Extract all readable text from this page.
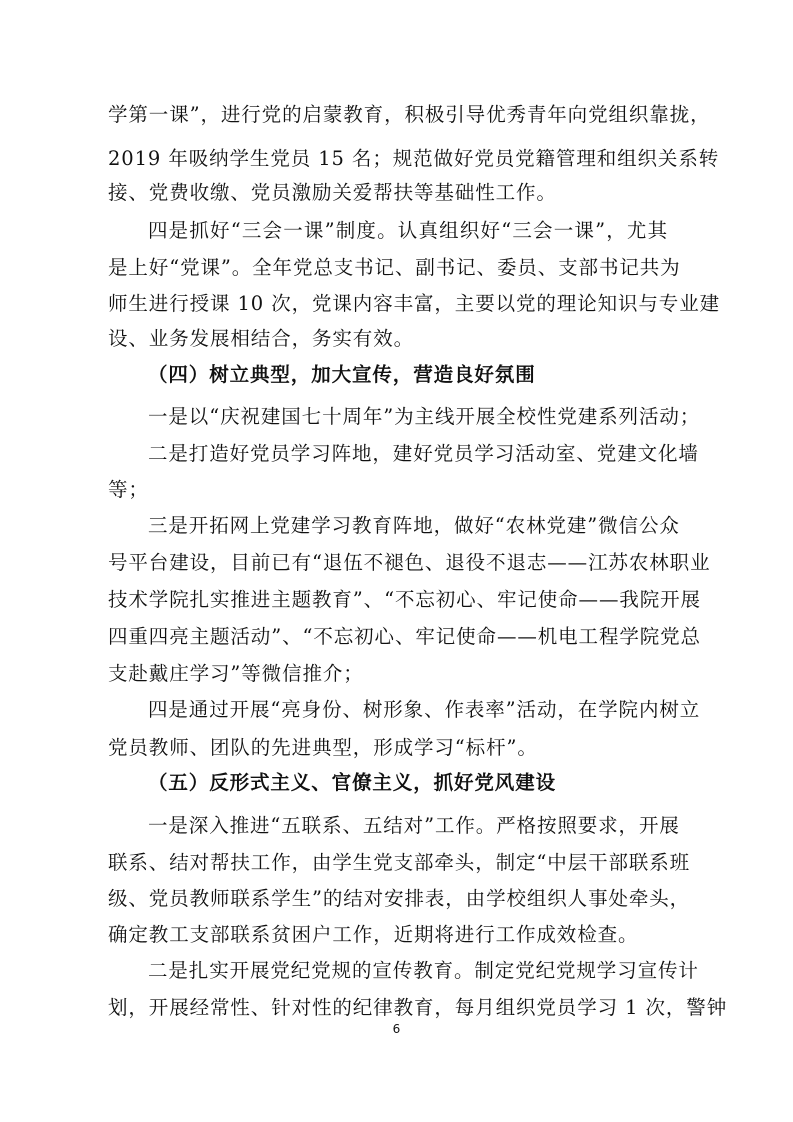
学第一课”，进行党的启蒙教育，积极引导优秀青年向党组织靠拢，
2019 年吸纳学生党员 15 名；规范做好党员党籍管理和组织关系转
接、党费收缴、党员激励关爱帮扶等基础性工作。
四是抓好“三会一课”制度。认真组织好“三会一课”，尤其
是上好“党课”。全年党总支书记、副书记、委员、支部书记共为
师生进行授课 10 次，党课内容丰富，主要以党的理论知识与专业建
设、业务发展相结合，务实有效。
（四）树立典型，加大宣传，营造良好氛围
一是以“庆祝建国七十周年”为主线开展全校性党建系列活动；
二是打造好党员学习阵地，建好党员学习活动室、党建文化墙
等；
三是开拓网上党建学习教育阵地，做好“农林党建”微信公众
号平台建设，目前已有“退伍不褪色、退役不退志——江苏农林职业
技术学院扎实推进主题教育”、“不忘初心、牢记使命——我院开展
四重四亮主题活动”、“不忘初心、牢记使命——机电工程学院党总
支赴戴庄学习”等微信推介；
四是通过开展“亮身份、树形象、作表率”活动，在学院内树立
党员教师、团队的先进典型，形成学习“标杆”。
（五）反形式主义、官僚主义，抓好党风建设
一是深入推进“五联系、五结对”工作。严格按照要求，开展
联系、结对帮扶工作，由学生党支部牵头，制定“中层干部联系班
级、党员教师联系学生”的结对安排表，由学校组织人事处牵头，
确定教工支部联系贫困户工作，近期将进行工作成效检查。
二是扎实开展党纪党规的宣传教育。制定党纪党规学习宣传计
划，开展经常性、针对性的纪律教育，每月组织党员学习 1 次，警钟
6
